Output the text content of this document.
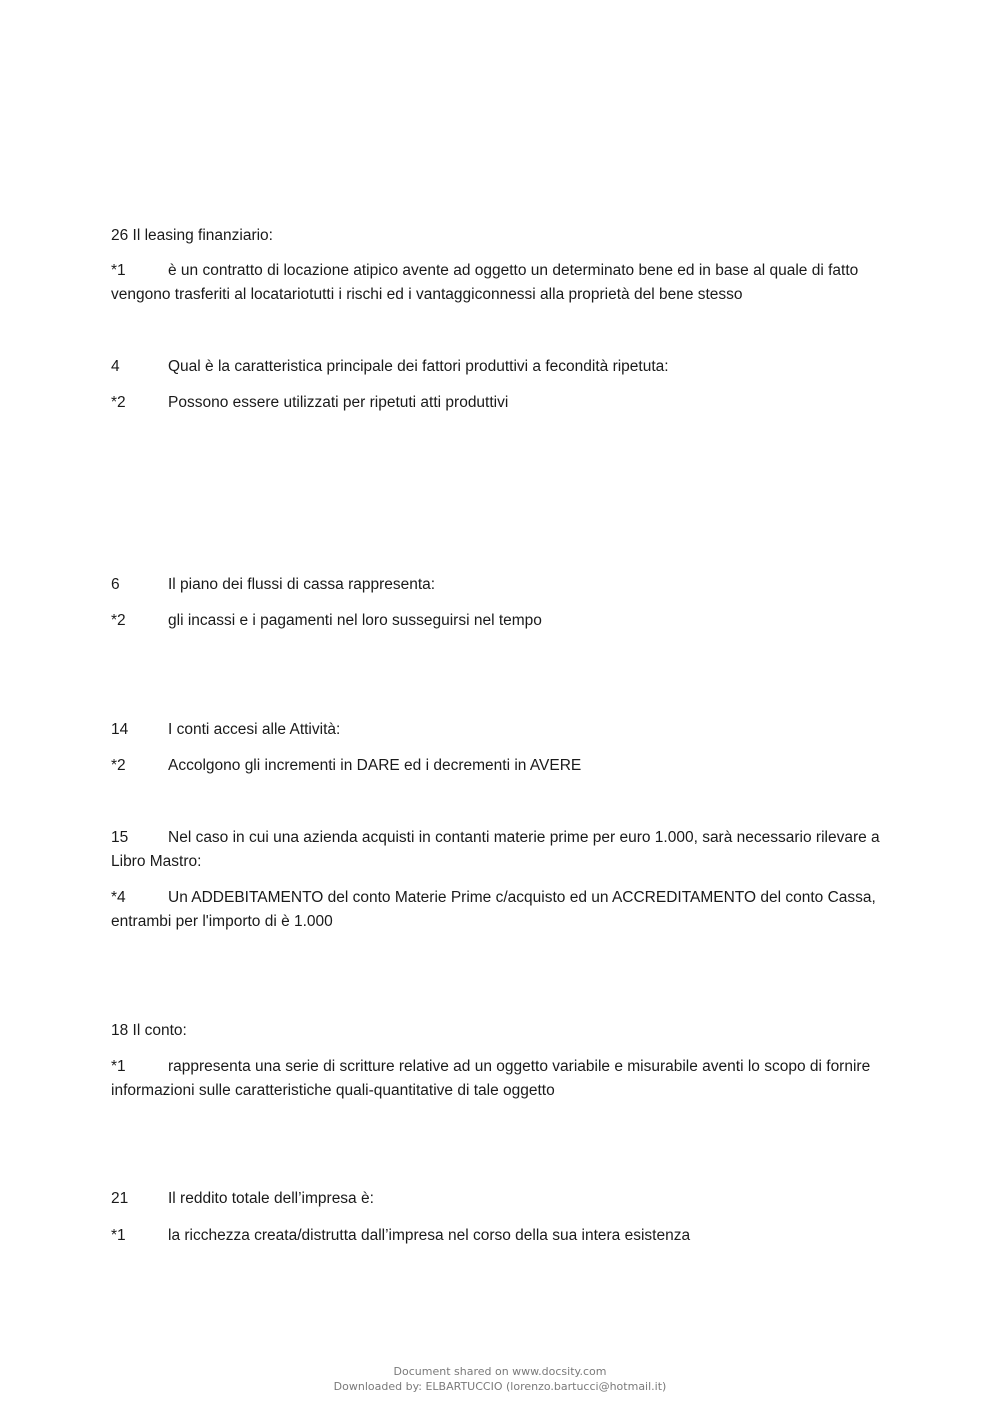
26 Il leasing finanziario:
*1	è un contratto di locazione atipico avente ad oggetto un determinato bene ed in base al quale di fatto vengono trasferiti al locatariotutti i rischi ed i vantaggiconnessi alla proprietà del bene stesso
4	Qual è la caratteristica principale dei fattori produttivi a fecondità ripetuta:
*2	Possono essere utilizzati per ripetuti atti produttivi
6	Il piano dei flussi di cassa rappresenta:
*2	gli incassi e i pagamenti nel loro susseguirsi nel tempo
14	I conti accesi alle Attività:
*2	Accolgono gli incrementi in DARE ed i decrementi in AVERE
15	Nel caso in cui una azienda acquisti in contanti materie prime per euro 1.000, sarà necessario rilevare a Libro Mastro:
*4	Un ADDEBITAMENTO del conto Materie Prime c/acquisto ed un ACCREDITAMENTO del conto Cassa, entrambi per l'importo di è 1.000
18 Il conto:
*1	rappresenta una serie di scritture relative ad un oggetto variabile e misurabile aventi lo scopo di fornire informazioni sulle caratteristiche quali-quantitative di tale oggetto
21	Il reddito totale dell’impresa è:
*1	la ricchezza creata/distrutta dall’impresa nel corso della sua intera esistenza
Document shared on www.docsity.com
Downloaded by: ELBARTUCCIO (lorenzo.bartucci@hotmail.it)
